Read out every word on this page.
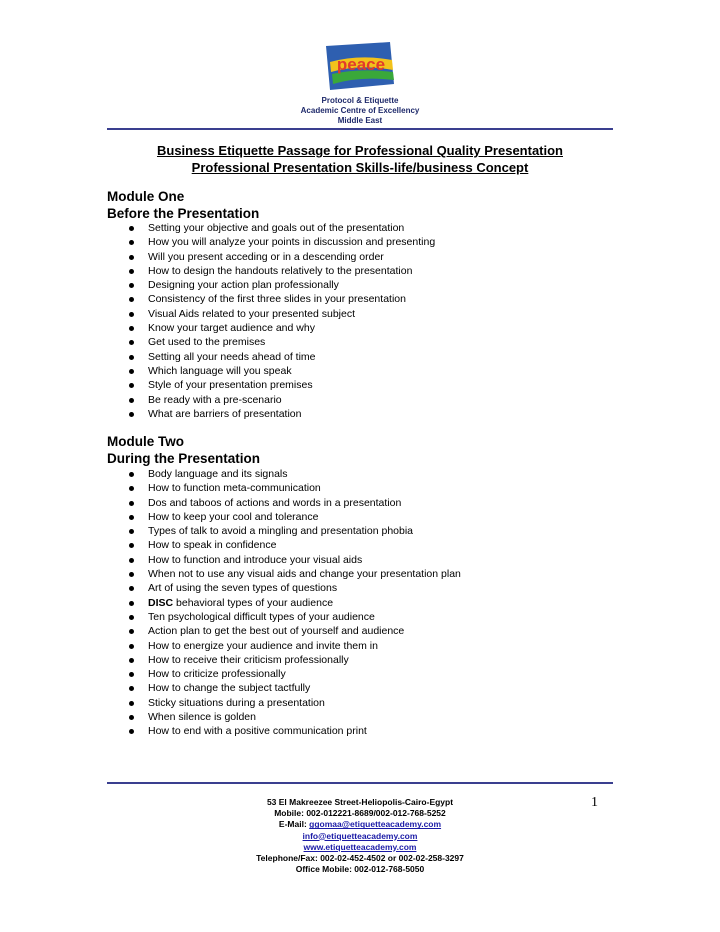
peace
Protocol & Etiquette
Academic Centre of Excellency
Middle East
Business Etiquette Passage for Professional Quality Presentation
Professional Presentation Skills-life/business Concept
Module One
Before the Presentation
Setting your objective and goals out of the presentation
How you will analyze your points in discussion and presenting
Will you present acceding or in a descending order
How to design the handouts relatively to the presentation
Designing your action plan professionally
Consistency of the first three slides in your presentation
Visual Aids related to your presented subject
Know your target audience and why
Get used to the premises
Setting all your needs ahead of time
Which language will you speak
Style of your presentation premises
Be ready with a pre-scenario
What are barriers of presentation
Module Two
During the Presentation
Body language and its signals
How to function meta-communication
Dos and taboos of actions and words in a presentation
How to keep your cool and tolerance
Types of talk to avoid a mingling and presentation phobia
How to speak in confidence
How to function and introduce your visual aids
When not to use any visual aids and change your presentation plan
Art of using the seven types of questions
DISC behavioral types of your audience
Ten psychological difficult types of your audience
Action plan to get the best out of yourself and audience
How to energize your audience and invite them in
How to receive their criticism professionally
How to criticize professionally
How to change the subject tactfully
Sticky situations during a presentation
When silence is golden
How to end with a positive communication print
1
53 El Makreezee Street-Heliopolis-Cairo-Egypt
Mobile: 002-012221-8689/002-012-768-5252
E-Mail: ggomaa@etiquetteacademy.com
info@etiquetteacademy.com
www.etiquetteacademy.com
Telephone/Fax: 002-02-452-4502 or 002-02-258-3297
Office Mobile: 002-012-768-5050
